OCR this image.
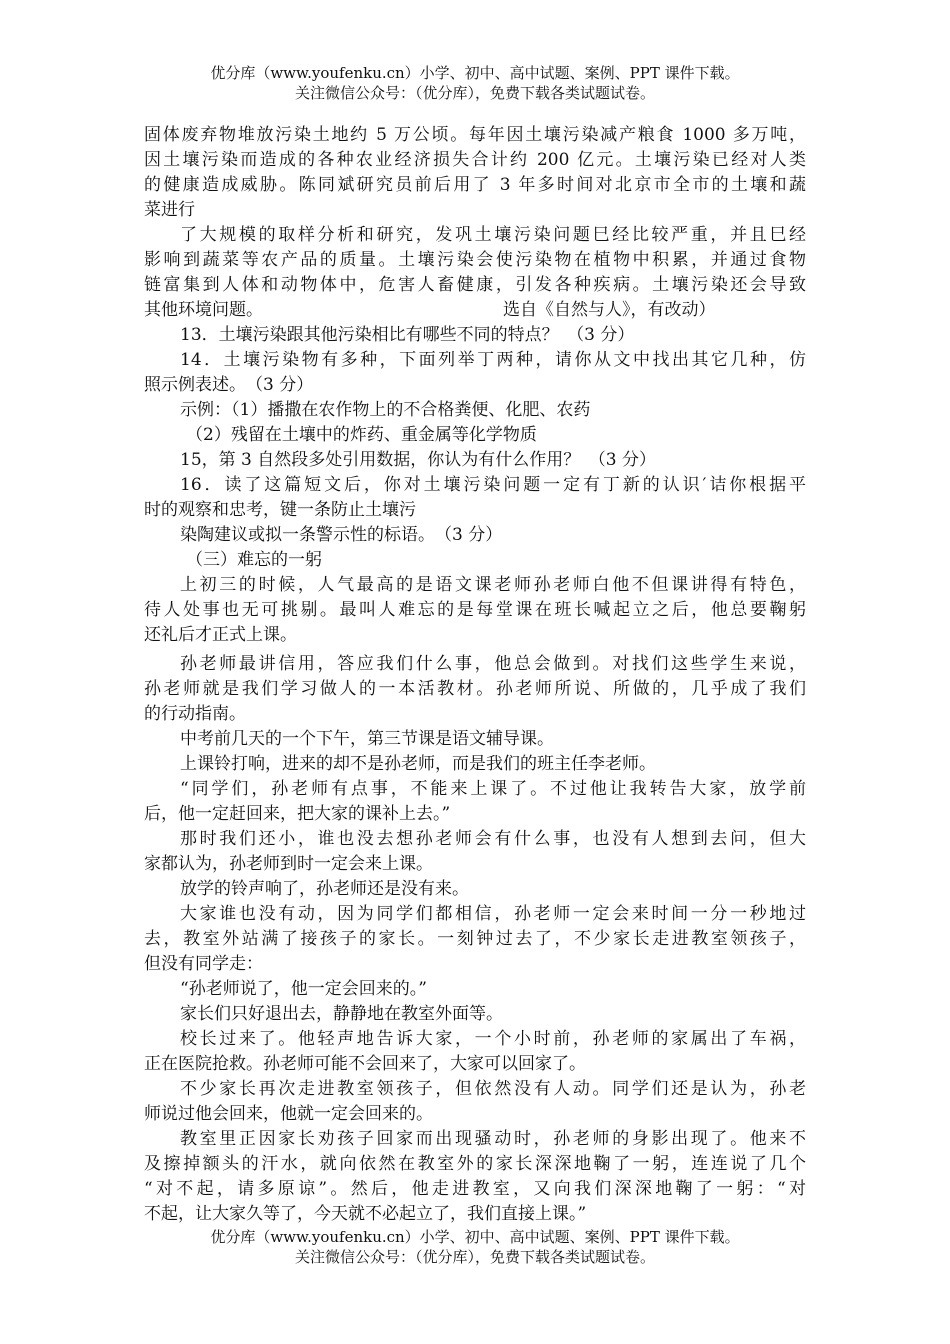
优分库（www.youfenku.cn）小学、初中、高中试题、案例、PPT 课件下载。
关注微信公众号：（优分库），免费下载各类试题试卷。
固体废弃物堆放污染土地约 5 万公顷。每年因土壤污染减产粮食 1000 多万吨，
因土壤污染而造成的各种农业经济损失合计约 200 亿元。土壤污染已经对人类
的健康造成威胁。陈同斌研究员前后用了 3 年多时间对北京市全市的土壤和蔬
菜进行
了大规模的取样分析和研究，发巩土壤污染问题巳经比较严重，并且巳经
影响到蔬菜等农产品的质量。土壤污染会使污染物在植物中积累，并通过食物
链富集到人体和动物体中，危害人畜健康，引发各种疾病。土壤污染还会导致
其他环境问题。	选自《自然与人》，有改动）
13．土壤污染跟其他污染相比有哪些不同的特点？　（3 分）
14．土壤污染物有多种，下面列举丁两种，请你从文中找出其它几种，仿
照示例表述。　（3 分）
示例：（1）播撒在农作物上的不合格粪便、化肥、农药
（2）残留在土壤中的炸药、重金属等化学物质
15，第 3 自然段多处引用数据，你认为有什么作用？　（3 分）
16．读了这篇短文后，你对土壤污染问题一定有丁新的认识′诘你根据平
时的观察和忠考，键一条防止土壤污
染陶建议或拟一条警示性的标语。　（3 分）
（三）难忘的一躬
上初三的时候，人气最高的是语文课老师孙老师白他不但课讲得有特色，
待人处事也无可挑剔。最叫人难忘的是每堂课在班长喊起立之后，他总要鞠躬
还礼后才正式上课。
孙老师最讲信用，答应我们什么事，他总会做到。对找们这些学生来说，
孙老师就是我们学习做人的一本活教材。孙老师所说、所做的，几乎成了我们
的行动指南。
中考前几天的一个下午，第三节课是语文辅导课。
上课铃打响，进来的却不是孙老师，而是我们的班主任李老师。
“同学们，孙老师有点事，不能来上课了。不过他让我转告大家，放学前
后，他一定赶回来，把大家的课补上去。”
那时我们还小，谁也没去想孙老师会有什么事，也没有人想到去问，但大
家都认为，孙老师到时一定会来上课。
放学的铃声响了，孙老师还是没有来。
大家谁也没有动，因为同学们都相信，孙老师一定会来时间一分一秒地过
去，教室外站满了接孩子的家长。一刻钟过去了，不少家长走进教室领孩子，
但没有同学走：
“孙老师说了，他一定会回来的。”
家长们只好退出去，静静地在教室外面等。
校长过来了。他轻声地告诉大家，一个小时前，孙老师的家属出了车祸，
正在医院抢救。孙老师可能不会回来了，大家可以回家了。
不少家长再次走进教室领孩子，但依然没有人动。同学们还是认为，孙老
师说过他会回来，他就一定会回来的。
教室里正因家长劝孩子回家而出现骚动时，孙老师的身影出现了。他来不
及擦掉额头的汗水，就向依然在教室外的家长深深地鞠了一躬，连连说了几个
“对不起，请多原谅”。然后，他走进教室，又向我们深深地鞠了一躬：“对
不起，让大家久等了，今天就不必起立了，我们直接上课。”
优分库（www.youfenku.cn）小学、初中、高中试题、案例、PPT 课件下载。
关注微信公众号：（优分库），免费下载各类试题试卷。
